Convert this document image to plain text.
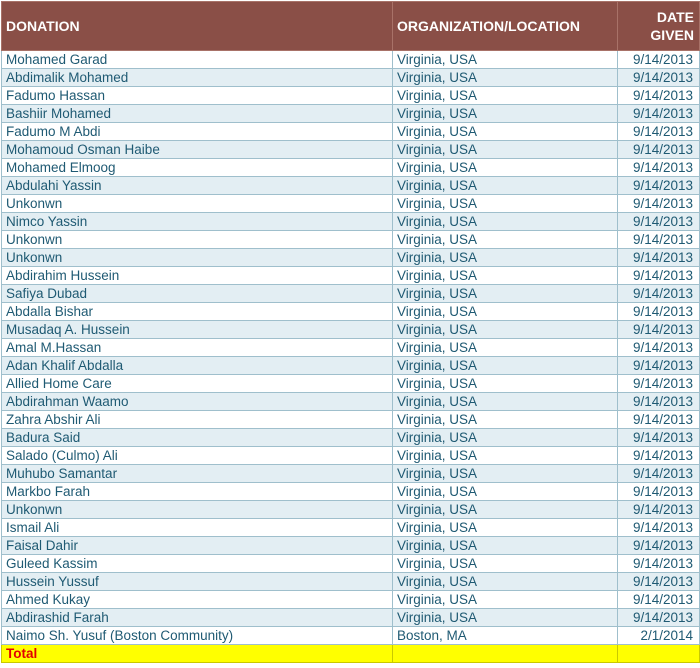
DONATION	ORGANIZATION/LOCATION	DATE
GIVEN
Mohamed Garad	Virginia, USA	9/14/2013
Abdimalik Mohamed	Virginia, USA	9/14/2013
Fadumo Hassan	Virginia, USA	9/14/2013
Bashiir Mohamed	Virginia, USA	9/14/2013
Fadumo M Abdi	Virginia, USA	9/14/2013
Mohamoud Osman Haibe	Virginia, USA	9/14/2013
Mohamed Elmoog	Virginia, USA	9/14/2013
Abdulahi Yassin	Virginia, USA	9/14/2013
Unkonwn	Virginia, USA	9/14/2013
Nimco Yassin	Virginia, USA	9/14/2013
Unkonwn	Virginia, USA	9/14/2013
Unkonwn	Virginia, USA	9/14/2013
Abdirahim Hussein	Virginia, USA	9/14/2013
Safiya Dubad	Virginia, USA	9/14/2013
Abdalla Bishar	Virginia, USA	9/14/2013
Musadaq A. Hussein	Virginia, USA	9/14/2013
Amal M.Hassan	Virginia, USA	9/14/2013
Adan Khalif Abdalla	Virginia, USA	9/14/2013
Allied Home Care	Virginia, USA	9/14/2013
Abdirahman Waamo	Virginia, USA	9/14/2013
Zahra Abshir Ali	Virginia, USA	9/14/2013
Badura Said	Virginia, USA	9/14/2013
Salado (Culmo) Ali	Virginia, USA	9/14/2013
Muhubo Samantar	Virginia, USA	9/14/2013
Markbo Farah	Virginia, USA	9/14/2013
Unkonwn	Virginia, USA	9/14/2013
Ismail Ali	Virginia, USA	9/14/2013
Faisal Dahir	Virginia, USA	9/14/2013
Guleed Kassim	Virginia, USA	9/14/2013
Hussein Yussuf	Virginia, USA	9/14/2013
Ahmed Kukay	Virginia, USA	9/14/2013
Abdirashid Farah	Virginia, USA	9/14/2013
Naimo Sh. Yusuf (Boston Community)	Boston, MA	2/1/2014
Total		
